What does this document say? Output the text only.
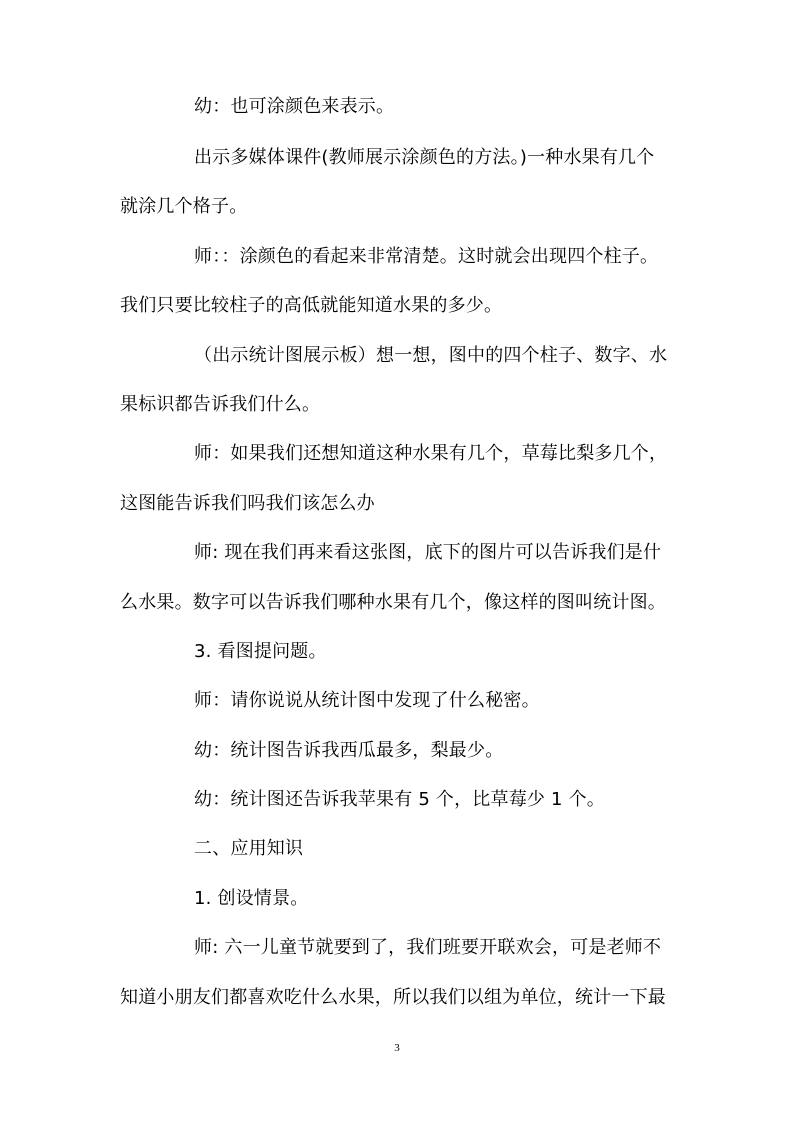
幼：也可涂颜色来表示。
出示多媒体课件(教师展示涂颜色的方法。)一种水果有几个
就涂几个格子。
师：：涂颜色的看起来非常清楚。这时就会出现四个柱子。
我们只要比较柱子的高低就能知道水果的多少。
（出示统计图展示板）想一想，图中的四个柱子、数字、水
果标识都告诉我们什么。
师：如果我们还想知道这种水果有几个，草莓比梨多几个，
这图能告诉我们吗我们该怎么办
师: 现在我们再来看这张图，底下的图片可以告诉我们是什
么水果。数字可以告诉我们哪种水果有几个，像这样的图叫统计图。
3. 看图提问题。
师：请你说说从统计图中发现了什么秘密。
幼：统计图告诉我西瓜最多，梨最少。
幼：统计图还告诉我苹果有 5 个，比草莓少 1 个。
二、应用知识
1. 创设情景。
师: 六一儿童节就要到了，我们班要开联欢会，可是老师不
知道小朋友们都喜欢吃什么水果，所以我们以组为单位，统计一下最
3
